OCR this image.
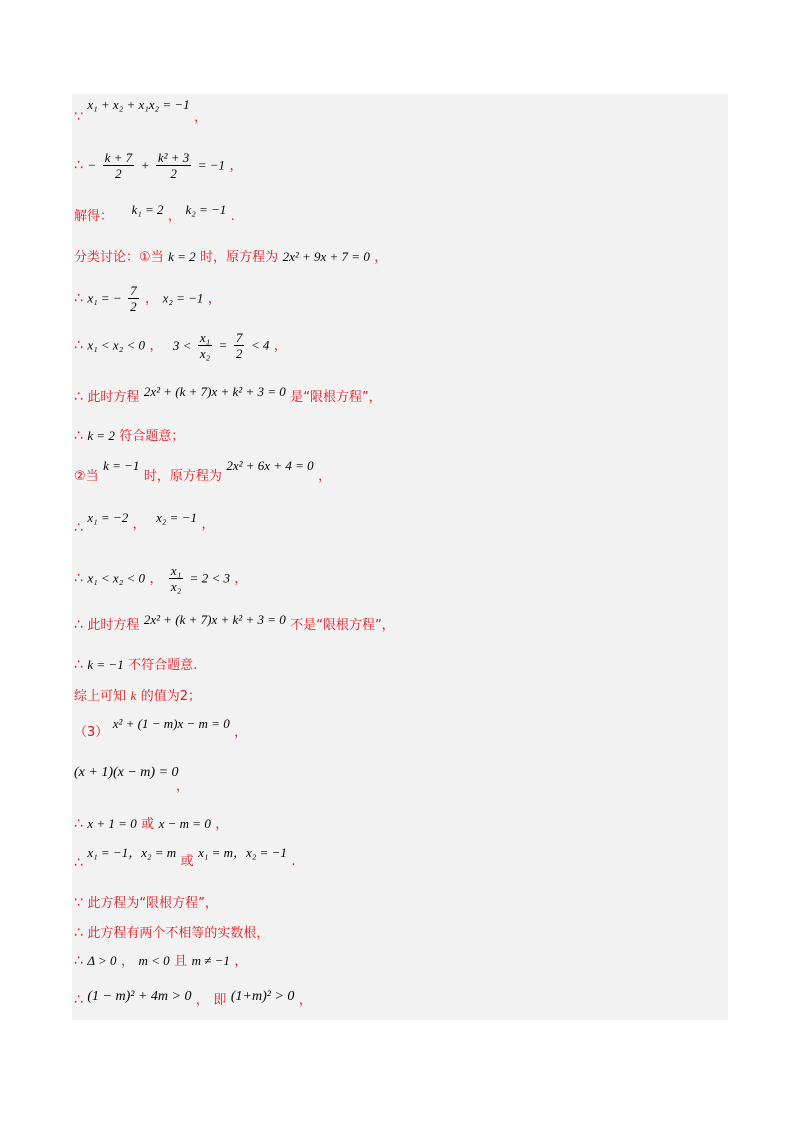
∵ x₁ + x₂ + x₁x₂ = −1 ，
∴ − $\frac{k + 7}{2} + \frac{\text{k² + 3}}{2} = -1$ ，
解得： k₁ = 2 ， k₂ = −1 .
分类讨论：①当 k = 2 时，原方程为 2x² + 9x + 7 = 0 ，
∴ x₁ = − $\frac{7}{2}$ ， x₂ = −1 ，
∴ x₁ < x₂ < 0 ， $3 < \frac{\text{x₁}}{\text{x₂}} = \frac{7}{2} < 4$ ，
∴ 此时方程 2x² + (k + 7)x + k² + 3 = 0 是“限根方程”，
∴ k = 2 符合题意；
②当 k = −1 时，原方程为 2x² + 6x + 4 = 0 ，
∴ x₁ = −2 ， x₂ = −1 ，
∴ x₁ < x₂ < 0 ， $\frac{\text{x₁}}{\text{x₂}} = 2 < 3$ ，
∴ 此时方程 2x² + (k + 7)x + k² + 3 = 0 不是“限根方程”，
∴ k = −1 不符合题意.
综上可知 k 的值为2；
（3） x² + (1 − m)x − m = 0 ，
(x + 1)(x − m) = 0
，
∴ x + 1 = 0 或 x − m = 0 ，
∴ x₁ = −1，x₂ = m 或 x₁ = m，x₂ = −1 .
∵ 此方程为“限根方程”，
∴ 此方程有两个不相等的实数根，
∴ Δ > 0 ， m < 0 且 m ≠ −1 ，
∴ (1 − m)² + 4m > 0 ， 即 (1+m)² > 0 ，
